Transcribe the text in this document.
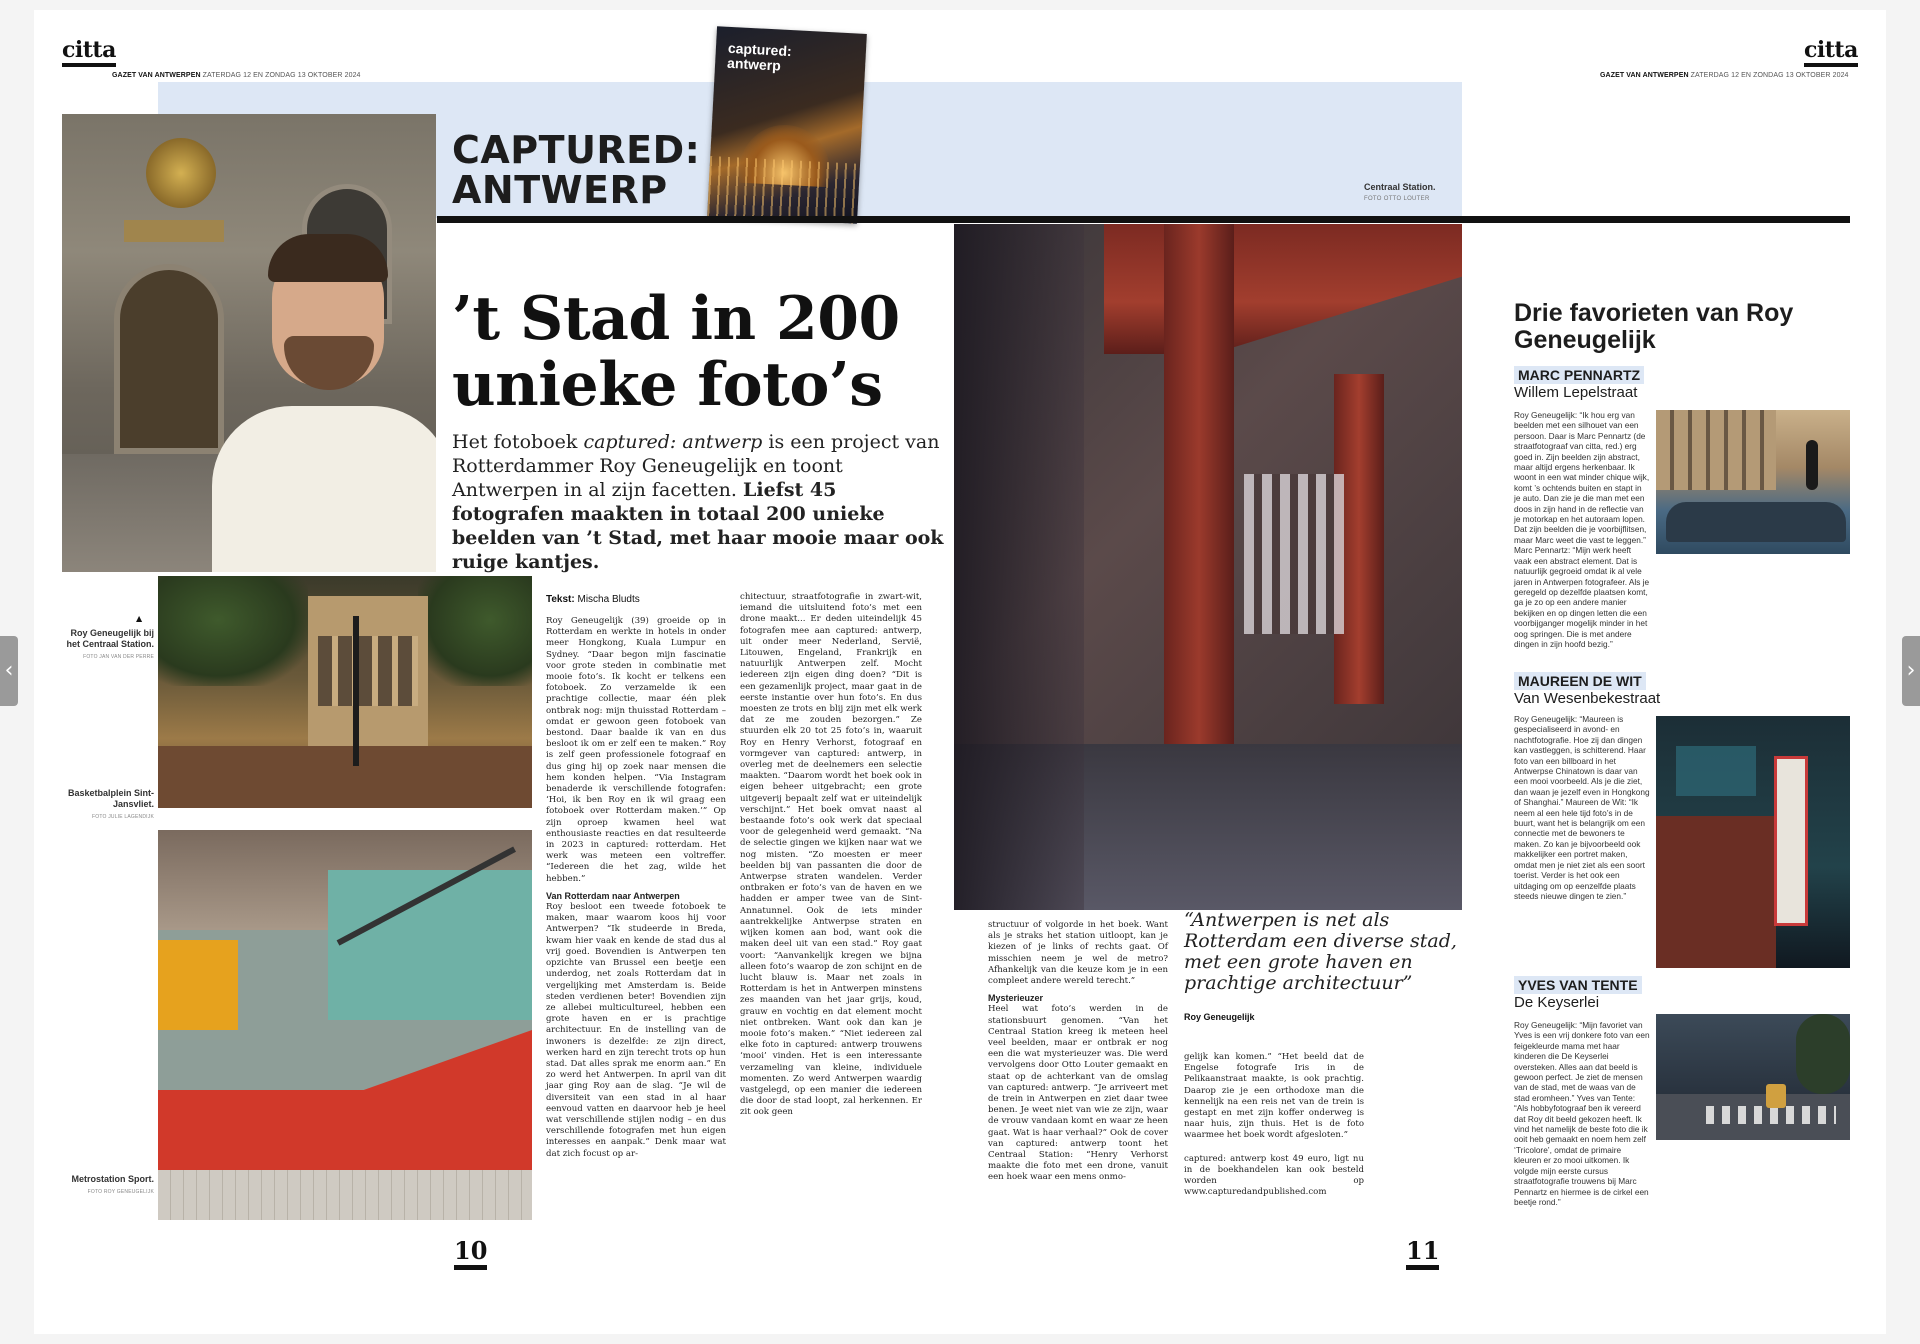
‹	›
citta
GAZET VAN ANTWERPEN ZATERDAG 12 EN ZONDAG 13 OKTOBER 2024
citta
GAZET VAN ANTWERPEN ZATERDAG 12 EN ZONDAG 13 OKTOBER 2024
CAPTURED:
ANTWERP
captured:
antwerp
Centraal Station.
FOTO OTTO LOUTER
’t Stad in 200
unieke foto’s
Het fotoboek captured: antwerp is een project van Rotterdammer Roy Geneugelijk en toont Antwerpen in al zijn facetten. Liefst 45 fotografen maakten in totaal 200 unieke beelden van ’t Stad, met haar mooie maar ook ruige kantjes.
▲
Roy Geneugelijk bij het Centraal Station.
FOTO JAN VAN DER PERRE
Basketbalplein Sint-Jansvliet.
FOTO JULIE LAGENDIJK
Metrostation Sport.
FOTO ROY GENEUGELIJK
Tekst: Mischa Bludts

Roy Geneugelijk (39) groeide op in Rotterdam en werkte in hotels in onder meer Hongkong, Kuala Lumpur en Sydney. “Daar begon mijn fascinatie voor grote steden in combinatie met mooie foto’s. Ik kocht er telkens een fotoboek. Zo verzamelde ik een prachtige collectie, maar één plek ontbrak nog: mijn thuisstad Rotterdam – omdat er gewoon geen fotoboek van bestond. Daar baalde ik van en dus besloot ik om er zelf een te maken.” Roy is zelf geen professionele fotograaf en dus ging hij op zoek naar mensen die hem konden helpen. “Via Instagram benaderde ik verschillende fotografen: ‘Hoi, ik ben Roy en ik wil graag een fotoboek over Rotterdam maken.’” Op zijn oproep kwamen heel wat enthousiaste reacties en dat resulteerde in 2023 in captured: rotterdam. Het werk was meteen een voltreffer. “Iedereen die het zag, wilde het hebben.”

Van Rotterdam naar Antwerpen

Roy besloot een tweede fotoboek te maken, maar waarom koos hij voor Antwerpen? “Ik studeerde in Breda, kwam hier vaak en kende de stad dus al vrij goed. Bovendien is Antwerpen ten opzichte van Brussel een beetje een underdog, net zoals Rotterdam dat in vergelijking met Amsterdam is. Beide steden verdienen beter! Bovendien zijn ze allebei multicultureel, hebben een grote haven en er is prachtige architectuur. En de instelling van de inwoners is dezelfde: ze zijn direct, werken hard en zijn terecht trots op hun stad. Dat alles sprak me enorm aan.” En zo werd het Antwerpen. In april van dit jaar ging Roy aan de slag. “Je wil de diversiteit van een stad in al haar eenvoud vatten en daarvoor heb je heel wat verschillende stijlen nodig – en dus verschillende fotografen met hun eigen interesses en aanpak.” Denk maar wat dat zich focust op ar-

chitectuur, straatfotografie in zwart-wit, iemand die uitsluitend foto’s met een drone maakt... Er deden uiteindelijk 45 fotografen mee aan captured: antwerp, uit onder meer Nederland, Servië, Litouwen, Engeland, Frankrijk en natuurlijk Antwerpen zelf. Mocht iedereen zijn eigen ding doen? “Dit is een gezamenlijk project, maar gaat in de eerste instantie over hun foto’s. En dus moesten ze trots en blij zijn met elk werk dat ze me zouden bezorgen.” Ze stuurden elk 20 tot 25 foto’s in, waaruit Roy en Henry Verhorst, fotograaf en vormgever van captured: antwerp, in overleg met de deelnemers een selectie maakten. “Daarom wordt het boek ook in eigen beheer uitgebracht; een grote uitgeverij bepaalt zelf wat er uiteindelijk verschijnt.” Het boek omvat naast al bestaande foto’s ook werk dat speciaal voor de gelegenheid werd gemaakt. “Na de selectie gingen we kijken naar wat we nog misten. “Zo moesten er meer beelden bij van passanten die door de Antwerpse straten wandelen. Verder ontbraken er foto’s van de haven en we hadden er amper twee van de Sint-Annatunnel. Ook de iets minder aantrekkelijke Antwerpse straten en wijken komen aan bod, want ook die maken deel uit van een stad.” Roy gaat voort: “Aanvankelijk kregen we bijna alleen foto’s waarop de zon schijnt en de lucht blauw is. Maar net zoals in Rotterdam is het in Antwerpen minstens zes maanden van het jaar grijs, koud, grauw en vochtig en dat element mocht niet ontbreken. Want ook dan kan je mooie foto’s maken.” “Niet iedereen zal elke foto in captured: antwerp trouwens ‘mooi’ vinden. Het is een interessante verzameling van kleine, individuele momenten. Zo werd Antwerpen waardig vastgelegd, op een manier die iedereen die door de stad loopt, zal herkennen. Er zit ook geen

structuur of volgorde in het boek. Want als je straks het station uitloopt, kan je kiezen of je links of rechts gaat. Of misschien neem je wel de metro? Afhankelijk van die keuze kom je in een compleet andere wereld terecht.”

Mysterieuzer

Heel wat foto’s werden in de stationsbuurt genomen. “Van het Centraal Station kreeg ik meteen heel veel beelden, maar er ontbrak er nog een die wat mysterieuzer was. Die werd vervolgens door Otto Louter gemaakt en staat op de achterkant van de omslag van captured: antwerp. “Je arriveert met de trein in Antwerpen en ziet daar twee benen. Je weet niet van wie ze zijn, waar de vrouw vandaan komt en waar ze heen gaat. Wat is haar verhaal?” Ook de cover van captured: antwerp toont het Centraal Station: “Henry Verhorst maakte die foto met een drone, vanuit een hoek waar een mens onmo-

gelijk kan komen.” “Het beeld dat de Engelse fotografe Iris in de Pelikaanstraat maakte, is ook prachtig. Daarop zie je een orthodoxe man die kennelijk na een reis net van de trein is gestapt en met zijn koffer onderweg is naar huis, zijn thuis. Het is de foto waarmee het boek wordt afgesloten.”

captured: antwerp kost 49 euro, ligt nu in de boekhandelen kan ook besteld worden op www.capturedandpublished.com

“Antwerpen is net als Rotterdam een diverse stad, met een grote haven en prachtige architectuur”
Roy Geneugelijk
Drie favorieten van Roy Geneugelijk
MARC PENNARTZ
Willem Lepelstraat
Roy Geneugelijk: “Ik hou erg van beelden met een silhouet van een persoon. Daar is Marc Pennartz (de straatfotograaf van citta, red.) erg goed in. Zijn beelden zijn abstract, maar altijd ergens herkenbaar. Ik woont in een wat minder chique wijk, komt ’s ochtends buiten en stapt in je auto. Dan zie je die man met een doos in zijn hand in de reflectie van je motorkap en het autoraam lopen. Dat zijn beelden die je voorbijflitsen, maar Marc weet die vast te leggen.” Marc Pennartz: “Mijn werk heeft vaak een abstract element. Dat is natuurlijk gegroeid omdat ik al vele jaren in Antwerpen fotografeer. Als je geregeld op dezelfde plaatsen komt, ga je zo op een andere manier bekijken en op dingen letten die een voorbijganger mogelijk minder in het oog springen. Die is met andere dingen in zijn hoofd bezig.”
MAUREEN DE WIT
Van Wesenbekestraat
Roy Geneugelijk: “Maureen is gespecialiseerd in avond- en nachtfotografie. Hoe zij dan dingen kan vastleggen, is schitterend. Haar foto van een billboard in het Antwerpse Chinatown is daar van een mooi voorbeeld. Als je die ziet, dan waan je jezelf even in Hongkong of Shanghai.” Maureen de Wit: “Ik neem al een hele tijd foto’s in de buurt, want het is belangrijk om een connectie met de bewoners te maken. Zo kan je bijvoorbeeld ook makkelijker een portret maken, omdat men je niet ziet als een soort toerist. Verder is het ook een uitdaging om op eenzelfde plaats steeds nieuwe dingen te zien.”
YVES VAN TENTE
De Keyserlei
Roy Geneugelijk: “Mijn favoriet van Yves is een vrij donkere foto van een feigekleurde mama met haar kinderen die De Keyserlei oversteken. Alles aan dat beeld is gewoon perfect. Je ziet de mensen van de stad, met de waas van de stad eromheen.” Yves van Tente: “Als hobbyfotograaf ben ik vereerd dat Roy dit beeld gekozen heeft. Ik vind het namelijk de beste foto die ik ooit heb gemaakt en noem hem zelf ‘Tricolore’, omdat de primaire kleuren er zo mooi uitkomen. Ik volgde mijn eerste cursus straatfotografie trouwens bij Marc Pennartz en hiermee is de cirkel een beetje rond.”
10	11
